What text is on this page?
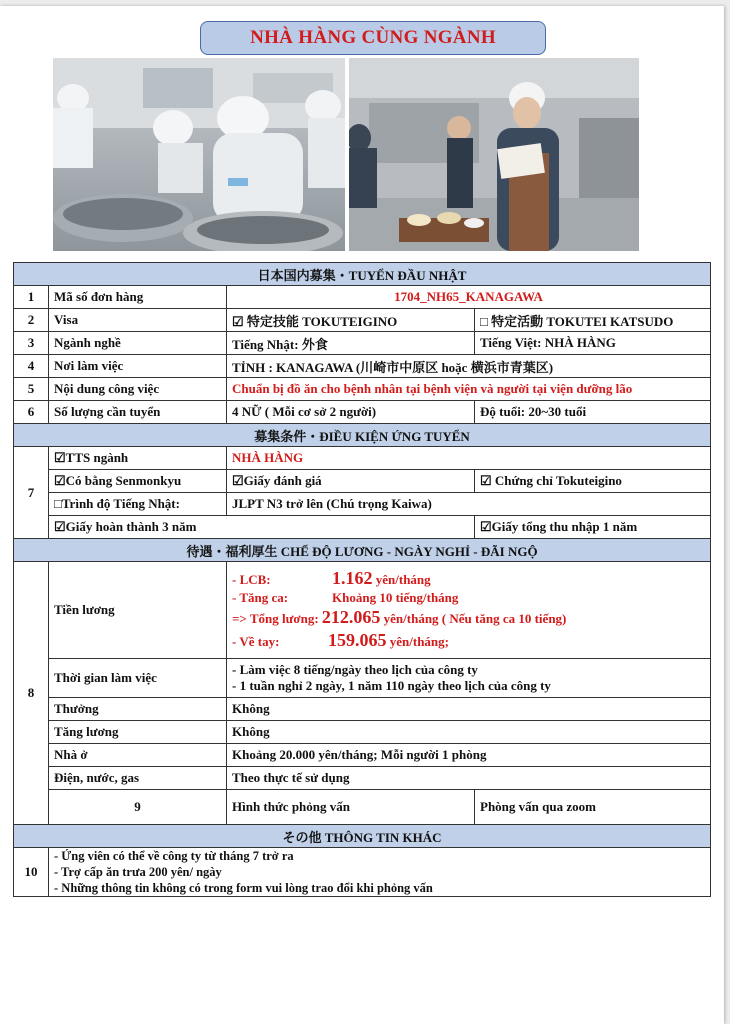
NHÀ HÀNG CÙNG NGÀNH
日本国内募集・TUYỂN ĐẦU NHẬT			
1	Mã số đơn hàng	1704_NH65_KANAGAWA	
2	Visa	☑ 特定技能 TOKUTEIGINO	□ 特定活動 TOKUTEI KATSUDO
3	Ngành nghề	Tiếng Nhật: 外食	Tiếng Việt: NHÀ HÀNG
4	Nơi làm việc	TỈNH : KANAGAWA (川崎市中原区 hoặc 横浜市青葉区)	
5	Nội dung công việc	Chuẩn bị đồ ăn cho bệnh nhân tại bệnh viện và người tại viện dưỡng lão	
6	Số lượng cần tuyển	4 NỮ ( Mỗi cơ sở 2 người)	Độ tuổi: 20~30 tuổi
募集条件・ĐIỀU KIỆN ỨNG TUYỂN			
7	☑TTS ngành	NHÀ HÀNG	
	☑Có bằng Senmonkyu	☑Giấy đánh giá	☑ Chứng chỉ Tokuteigino
	□Trình độ Tiếng Nhật:	JLPT N3 trở lên (Chú trọng Kaiwa)	
	☑Giấy hoàn thành 3 năm		☑Giấy tổng thu nhập 1 năm
待遇・福利厚生 CHẾ ĐỘ LƯƠNG - NGÀY NGHỈ - ĐÃI NGỘ			
8	Tiền lương	- LCB: 1.162 yên/tháng
- Tăng ca: Khoảng 10 tiếng/tháng
=> Tổng lương: 212.065 yên/tháng ( Nếu tăng ca 10 tiếng)
- Về tay: 159.065 yên/tháng;	

	Thời gian làm việc	- Làm việc 8 tiếng/ngày theo lịch của công ty
- 1 tuần nghỉ 2 ngày, 1 năm 110 ngày theo lịch của công ty	

	Thưởng	Không	
	Tăng lương	Không	
	Nhà ở	Khoảng 20.000 yên/tháng; Mỗi người 1 phòng	
	Điện, nước, gas	Theo thực tế sử dụng	
	9	Hình thức phỏng vấn	Phòng vấn qua zoom
その他 THÔNG TIN KHÁC			
10	- Ứng viên có thể về công ty từ tháng 7 trở ra
- Trợ cấp ăn trưa 200 yên/ ngày
- Những thông tin không có trong form vui lòng trao đổi khi phỏng vấn		
